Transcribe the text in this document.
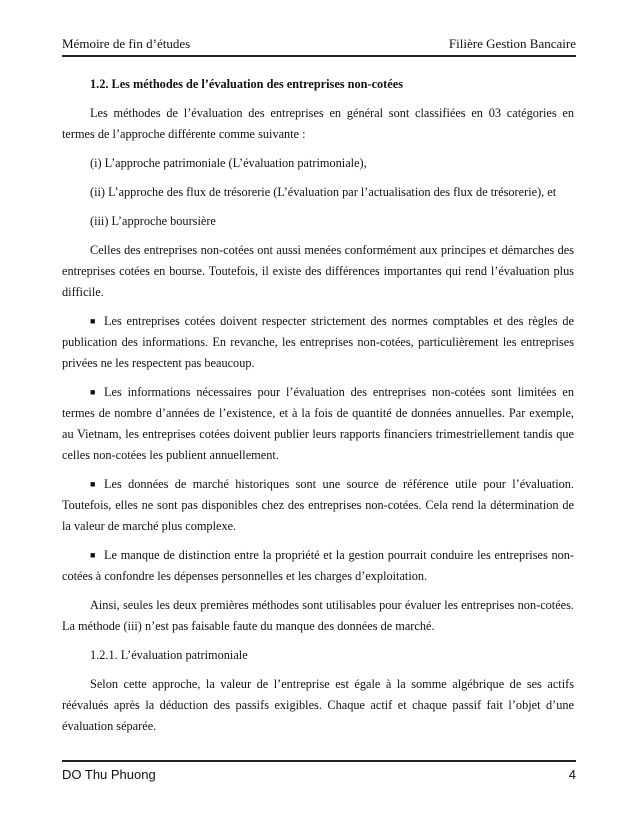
Mémoire de fin d’études	Filière Gestion Bancaire

1.2. Les méthodes de l’évaluation des entreprises non-cotées

Les méthodes de l’évaluation des entreprises en général sont classifiées en 03 catégories en termes de l’approche différente comme suivante :

(i) L’approche patrimoniale (L’évaluation patrimoniale),

(ii) L’approche des flux de trésorerie (L’évaluation par l’actualisation des flux de trésorerie), et

(iii) L’approche boursière

Celles des entreprises non-cotées ont aussi menées conformément aux principes et démarches des entreprises cotées en bourse. Toutefois, il existe des différences importantes qui rend l’évaluation plus difficile.

■ Les entreprises cotées doivent respecter strictement des normes comptables et des règles de publication des informations. En revanche, les entreprises non-cotées, particulièrement les entreprises privées ne les respectent pas beaucoup.

■ Les informations nécessaires pour l’évaluation des entreprises non-cotées sont limitées en termes de nombre d’années de l’existence, et à la fois de quantité de données annuelles. Par exemple, au Vietnam, les entreprises cotées doivent publier leurs rapports financiers trimestriellement tandis que celles non-cotées les publient annuellement.

■ Les données de marché historiques sont une source de référence utile pour l’évaluation. Toutefois, elles ne sont pas disponibles chez des entreprises non-cotées. Cela rend la détermination de la valeur de marché plus complexe.

■ Le manque de distinction entre la propriété et la gestion pourrait conduire les entreprises non-cotées à confondre les dépenses personnelles et les charges d’exploitation.

Ainsi, seules les deux premières méthodes sont utilisables pour évaluer les entreprises non-cotées. La méthode (iii) n’est pas faisable faute du manque des données de marché.

1.2.1. L’évaluation patrimoniale

Selon cette approche, la valeur de l’entreprise est égale à la somme algébrique de ses actifs réévalués après la déduction des passifs exigibles. Chaque actif et chaque passif fait l’objet d’une évaluation séparée.

DO Thu Phuong	4
